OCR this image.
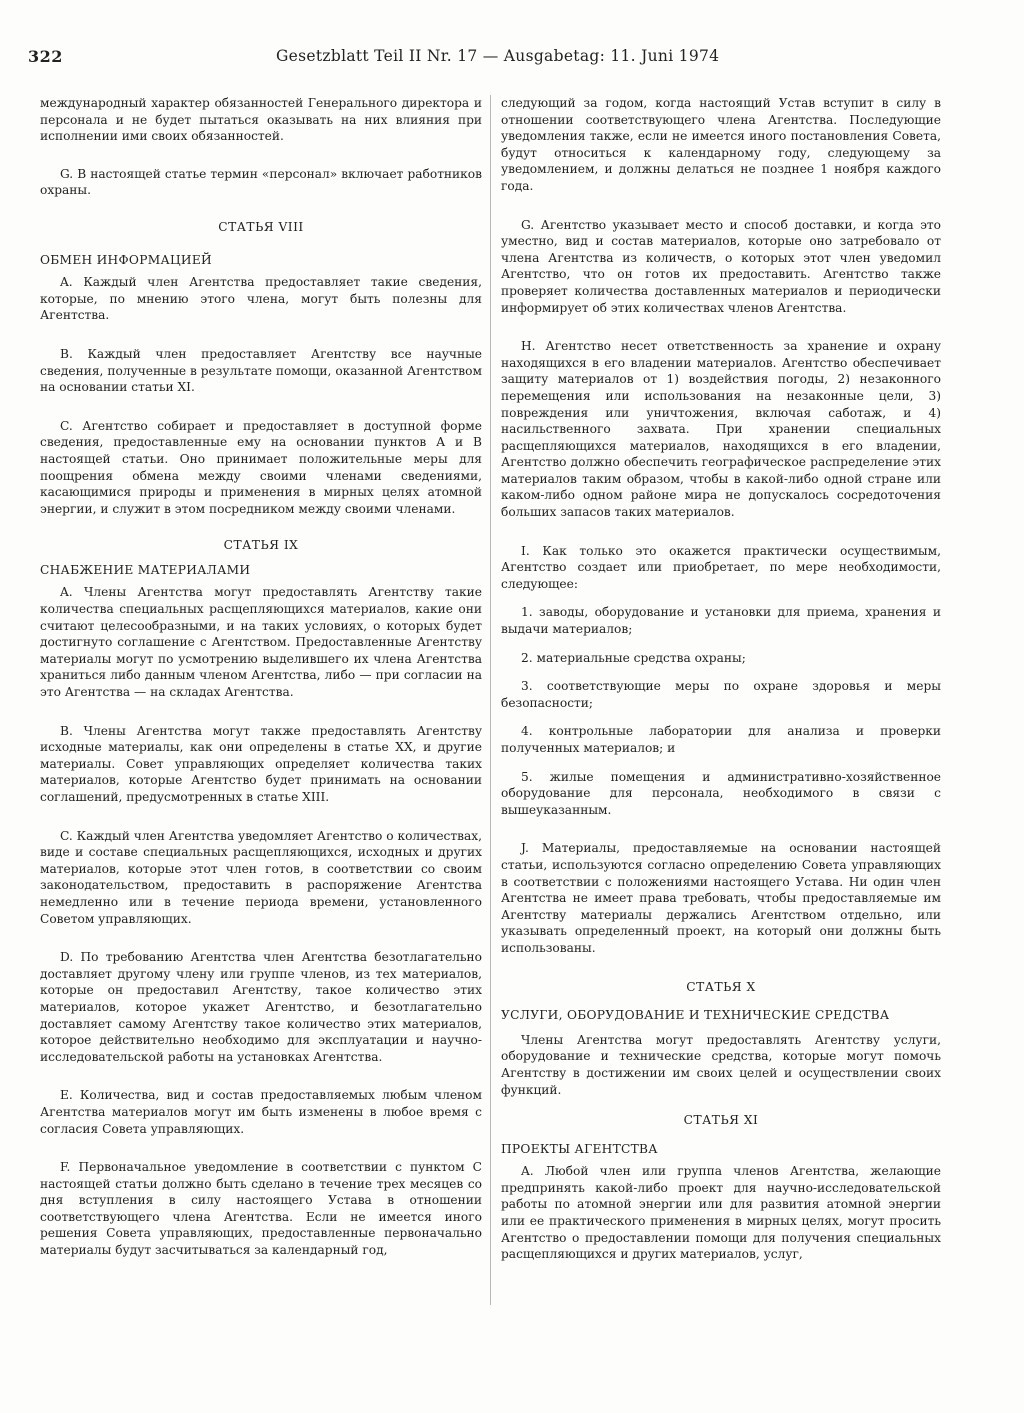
322	Gesetzblatt Teil II Nr. 17 — Ausgabetag: 11. Juni 1974

международный характер обязанностей Генерального директора и персонала и не будет пытаться оказывать на них влияния при исполнении ими своих обязанностей.

G. В настоящей статье термин «персонал» включает работников охраны.

СТАТЬЯ VIII
ОБМЕН ИНФОРМАЦИЕЙ

A. Каждый член Агентства предоставляет такие сведения, которые, по мнению этого члена, могут быть полезны для Агентства.

B. Каждый член предоставляет Агентству все научные сведения, полученные в результате помощи, оказанной Агентством на основании статьи XI.

C. Агентство собирает и предоставляет в доступной форме сведения, предоставленные ему на основании пунктов A и B настоящей статьи. Оно принимает положительные меры для поощрения обмена между своими членами сведениями, касающимися природы и применения в мирных целях атомной энергии, и служит в этом посредником между своими членами.

СТАТЬЯ IX
СНАБЖЕНИЕ МАТЕРИАЛАМИ

A. Члены Агентства могут предоставлять Агентству такие количества специальных расщепляющихся материалов, какие они считают целесообразными, и на таких условиях, о которых будет достигнуто соглашение с Агентством. Предоставленные Агентству материалы могут по усмотрению выделившего их члена Агентства храниться либо данным членом Агентства, либо — при согласии на это Агентства — на складах Агентства.

B. Члены Агентства могут также предоставлять Агентству исходные материалы, как они определены в статье XX, и другие материалы. Совет управляющих определяет количества таких материалов, которые Агентство будет принимать на основании соглашений, предусмотренных в статье XIII.

C. Каждый член Агентства уведомляет Агентство о количествах, виде и составе специальных расщепляющихся, исходных и других материалов, которые этот член готов, в соответствии со своим законодательством, предоставить в распоряжение Агентства немедленно или в течение периода времени, установленного Советом управляющих.

D. По требованию Агентства член Агентства безотлагательно доставляет другому члену или группе членов, из тех материалов, которые он предоставил Агентству, такое количество этих материалов, которое укажет Агентство, и безотлагательно доставляет самому Агентству такое количество этих материалов, которое действительно необходимо для эксплуатации и научно-исследовательской работы на установках Агентства.

E. Количества, вид и состав предоставляемых любым членом Агентства материалов могут им быть изменены в любое время с согласия Совета управляющих.

F. Первоначальное уведомление в соответствии с пунктом C настоящей статьи должно быть сделано в течение трех месяцев со дня вступления в силу настоящего Устава в отношении соответствующего члена Агентства. Если не имеется иного решения Совета управляющих, предоставленные первоначально материалы будут засчитываться за календарный год,

следующий за годом, когда настоящий Устав вступит в силу в отношении соответствующего члена Агентства. Последующие уведомления также, если не имеется иного постановления Совета, будут относиться к календарному году, следующему за уведомлением, и должны делаться не позднее 1 ноября каждого года.

G. Агентство указывает место и способ доставки, и когда это уместно, вид и состав материалов, которые оно затребовало от члена Агентства из количеств, о которых этот член уведомил Агентство, что он готов их предоставить. Агентство также проверяет количества доставленных материалов и периодически информирует об этих количествах членов Агентства.

H. Агентство несет ответственность за хранение и охрану находящихся в его владении материалов. Агентство обеспечивает защиту материалов от 1) воздействия погоды, 2) незаконного перемещения или использования на незаконные цели, 3) повреждения или уничтожения, включая саботаж, и 4) насильственного захвата. При хранении специальных расщепляющихся материалов, находящихся в его владении, Агентство должно обеспечить географическое распределение этих материалов таким образом, чтобы в какой-либо одной стране или каком-либо одном районе мира не допускалось сосредоточения больших запасов таких материалов.

I. Как только это окажется практически осуществимым, Агентство создает или приобретает, по мере необходимости, следующее:

1. заводы, оборудование и установки для приема, хранения и выдачи материалов;

2. материальные средства охраны;

3. соответствующие меры по охране здоровья и меры безопасности;

4. контрольные лаборатории для анализа и проверки полученных материалов; и

5. жилые помещения и административно-хозяйственное оборудование для персонала, необходимого в связи с вышеуказанным.

J. Материалы, предоставляемые на основании настоящей статьи, используются согласно определению Совета управляющих в соответствии с положениями настоящего Устава. Ни один член Агентства не имеет права требовать, чтобы предоставляемые им Агентству материалы держались Агентством отдельно, или указывать определенный проект, на который они должны быть использованы.

СТАТЬЯ X
УСЛУГИ, ОБОРУДОВАНИЕ И ТЕХНИЧЕСКИЕ СРЕДСТВА

Члены Агентства могут предоставлять Агентству услуги, оборудование и технические средства, которые могут помочь Агентству в достижении им своих целей и осуществлении своих функций.

СТАТЬЯ XI
ПРОЕКТЫ АГЕНТСТВА

A. Любой член или группа членов Агентства, желающие предпринять какой-либо проект для научно-исследовательской работы по атомной энергии или для развития атомной энергии или ее практического применения в мирных целях, могут просить Агентство о предоставлении помощи для получения специальных расщепляющихся и других материалов, услуг,
